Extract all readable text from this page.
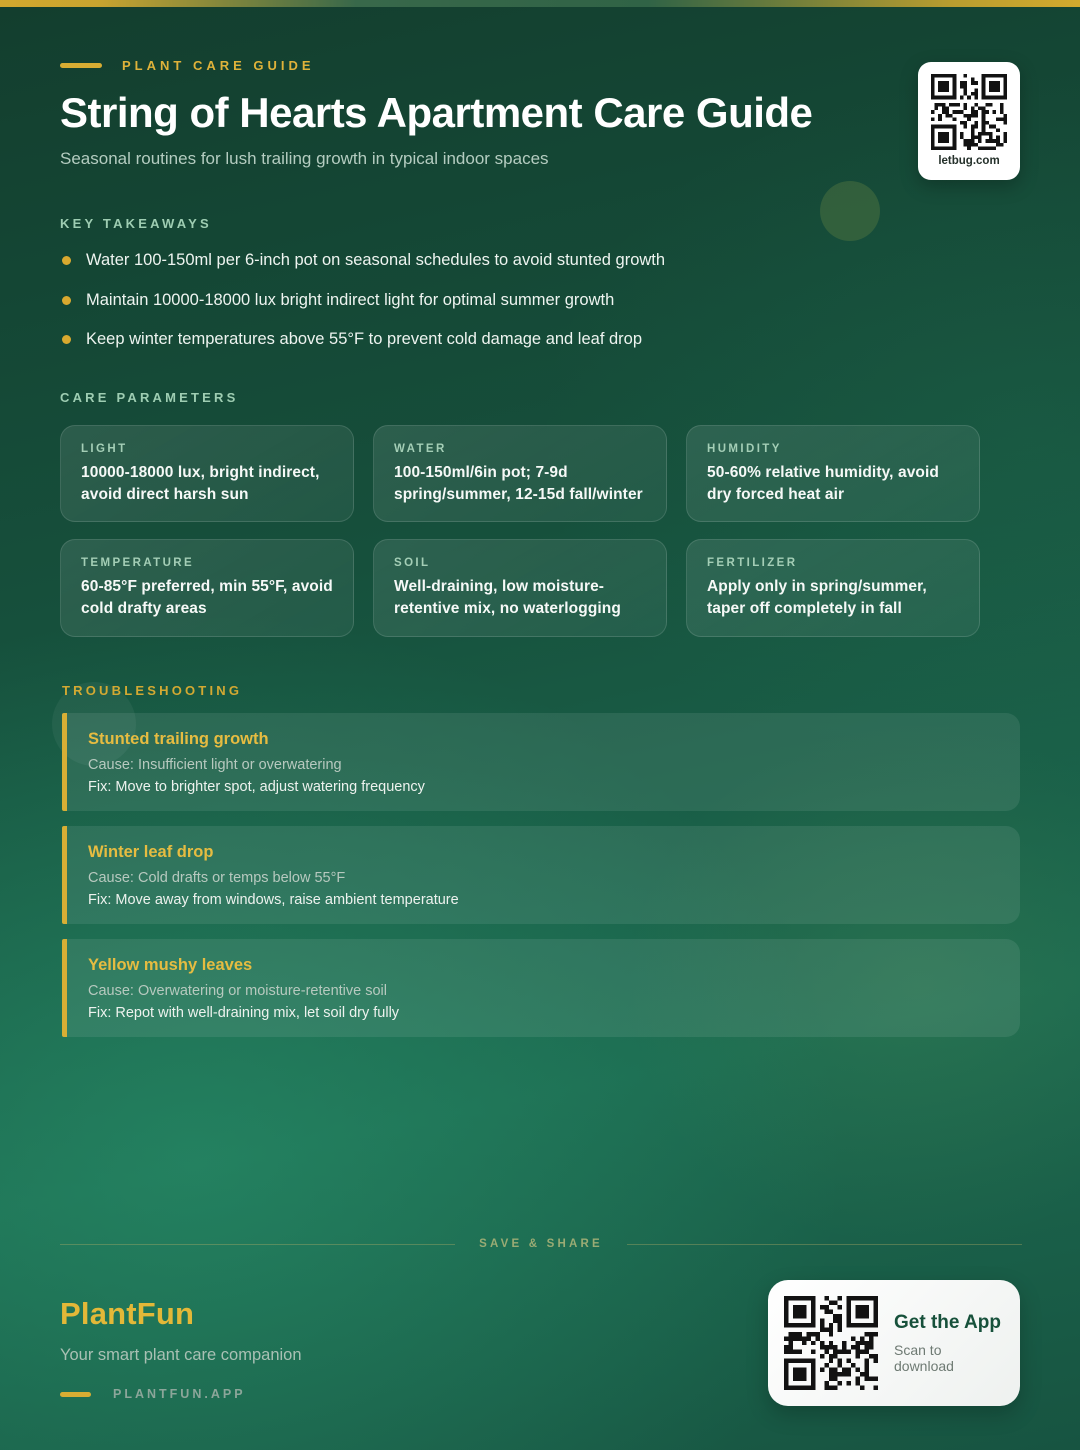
PLANT CARE GUIDE
String of Hearts Apartment Care Guide
Seasonal routines for lush trailing growth in typical indoor spaces	letbug.com
KEY TAKEAWAYS
Water 100-150ml per 6-inch pot on seasonal schedules to avoid stunted growth
Maintain 10000-18000 lux bright indirect light for optimal summer growth
Keep winter temperatures above 55°F to prevent cold damage and leaf drop
CARE PARAMETERS
LIGHT
10000-18000 lux, bright indirect, avoid direct harsh sun
WATER
100-150ml/6in pot; 7-9d spring/summer, 12-15d fall/winter
HUMIDITY
50-60% relative humidity, avoid dry forced heat air
TEMPERATURE
60-85°F preferred, min 55°F, avoid cold drafty areas
SOIL
Well-draining, low moisture-retentive mix, no waterlogging
FERTILIZER
Apply only in spring/summer, taper off completely in fall
TROUBLESHOOTING
Stunted trailing growth
Cause: Insufficient light or overwatering
Fix: Move to brighter spot, adjust watering frequency
Winter leaf drop
Cause: Cold drafts or temps below 55°F
Fix: Move away from windows, raise ambient temperature
Yellow mushy leaves
Cause: Overwatering or moisture-retentive soil
Fix: Repot with well-draining mix, let soil dry fully
SAVE & SHARE
PlantFun
Your smart plant care companion
PLANTFUN.APP
Get the App
Scan to download
